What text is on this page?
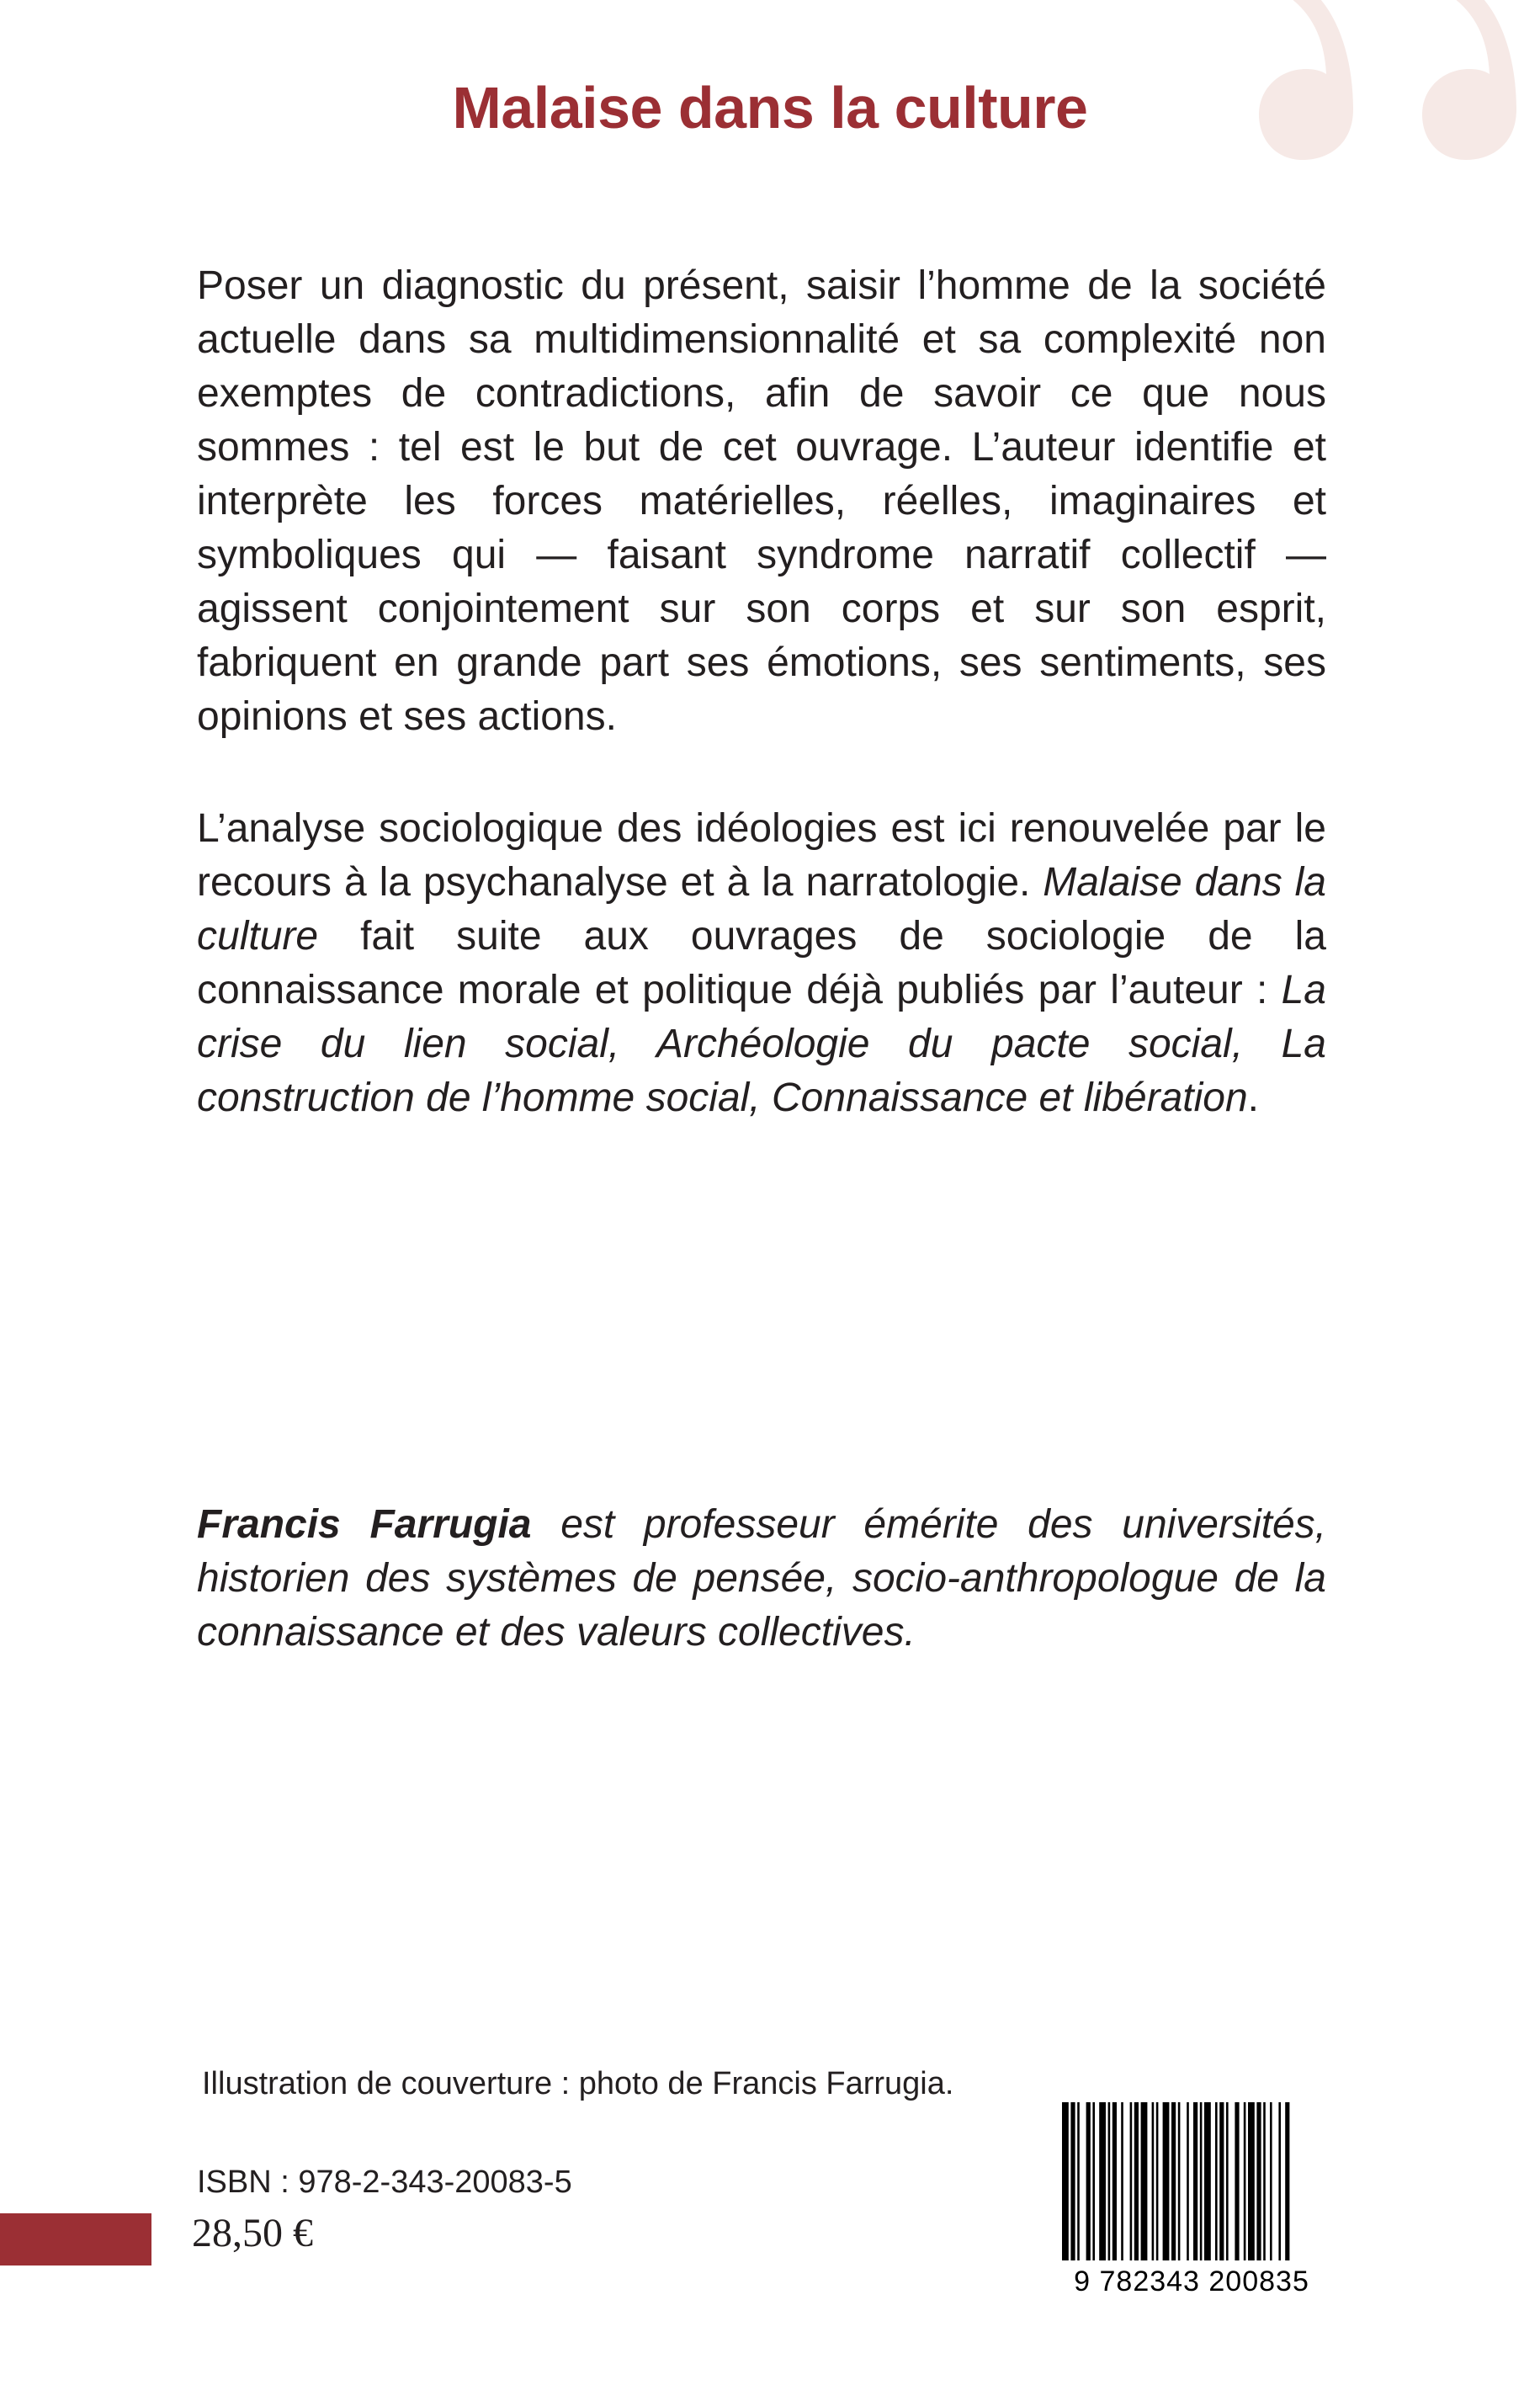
Malaise dans la culture

Poser un diagnostic du présent, saisir l’homme de la société actuelle dans sa multidimensionnalité et sa complexité non exemptes de contradictions, afin de savoir ce que nous sommes : tel est le but de cet ouvrage. L’auteur identifie et interprète les forces matérielles, réelles, imaginaires et symboliques qui — faisant syndrome narratif collectif — agissent conjointement sur son corps et sur son esprit, fabriquent en grande part ses émotions, ses sentiments, ses opinions et ses actions.

L’analyse sociologique des idéologies est ici renouvelée par le recours à la psychanalyse et à la narratologie. Malaise dans la culture fait suite aux ouvrages de sociologie de la connaissance morale et politique déjà publiés par l’auteur : La crise du lien social, Archéologie du pacte social, La construction de l’homme social, Connaissance et libération.

Francis Farrugia est professeur émérite des universités, historien des systèmes de pensée, socio-anthropologue de la connaissance et des valeurs collectives.

Illustration de couverture : photo de Francis Farrugia.

ISBN : 978-2-343-20083-5

28,50 €

9 782343 200835
